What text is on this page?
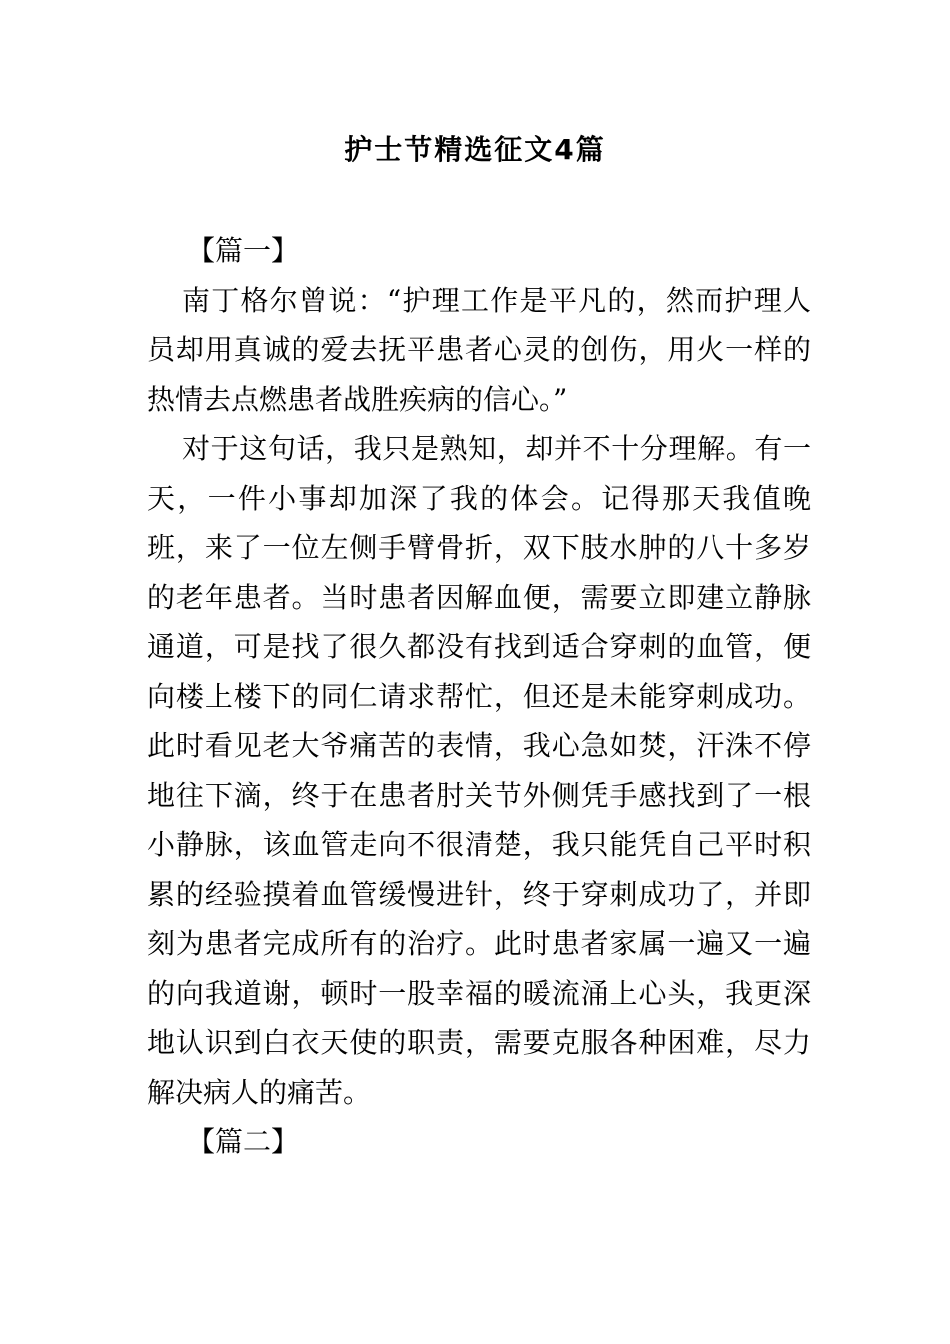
护士节精选征文4篇

【篇一】

南丁格尔曾说：“护理工作是平凡的，然而护理人员却用真诚的爱去抚平患者心灵的创伤，用火一样的热情去点燃患者战胜疾病的信心。”

对于这句话，我只是熟知，却并不十分理解。有一天，一件小事却加深了我的体会。记得那天我值晚班，来了一位左侧手臂骨折，双下肢水肿的八十多岁的老年患者。当时患者因解血便，需要立即建立静脉通道，可是找了很久都没有找到适合穿刺的血管，便向楼上楼下的同仁请求帮忙，但还是未能穿刺成功。此时看见老大爷痛苦的表情，我心急如焚，汗洙不停地往下滴，终于在患者肘关节外侧凭手感找到了一根小静脉，该血管走向不很清楚，我只能凭自己平时积累的经验摸着血管缓慢进针，终于穿刺成功了，并即刻为患者完成所有的治疗。此时患者家属一遍又一遍的向我道谢，顿时一股幸福的暖流涌上心头，我更深地认识到白衣天使的职责，需要克服各种困难，尽力解决病人的痛苦。

【篇二】
